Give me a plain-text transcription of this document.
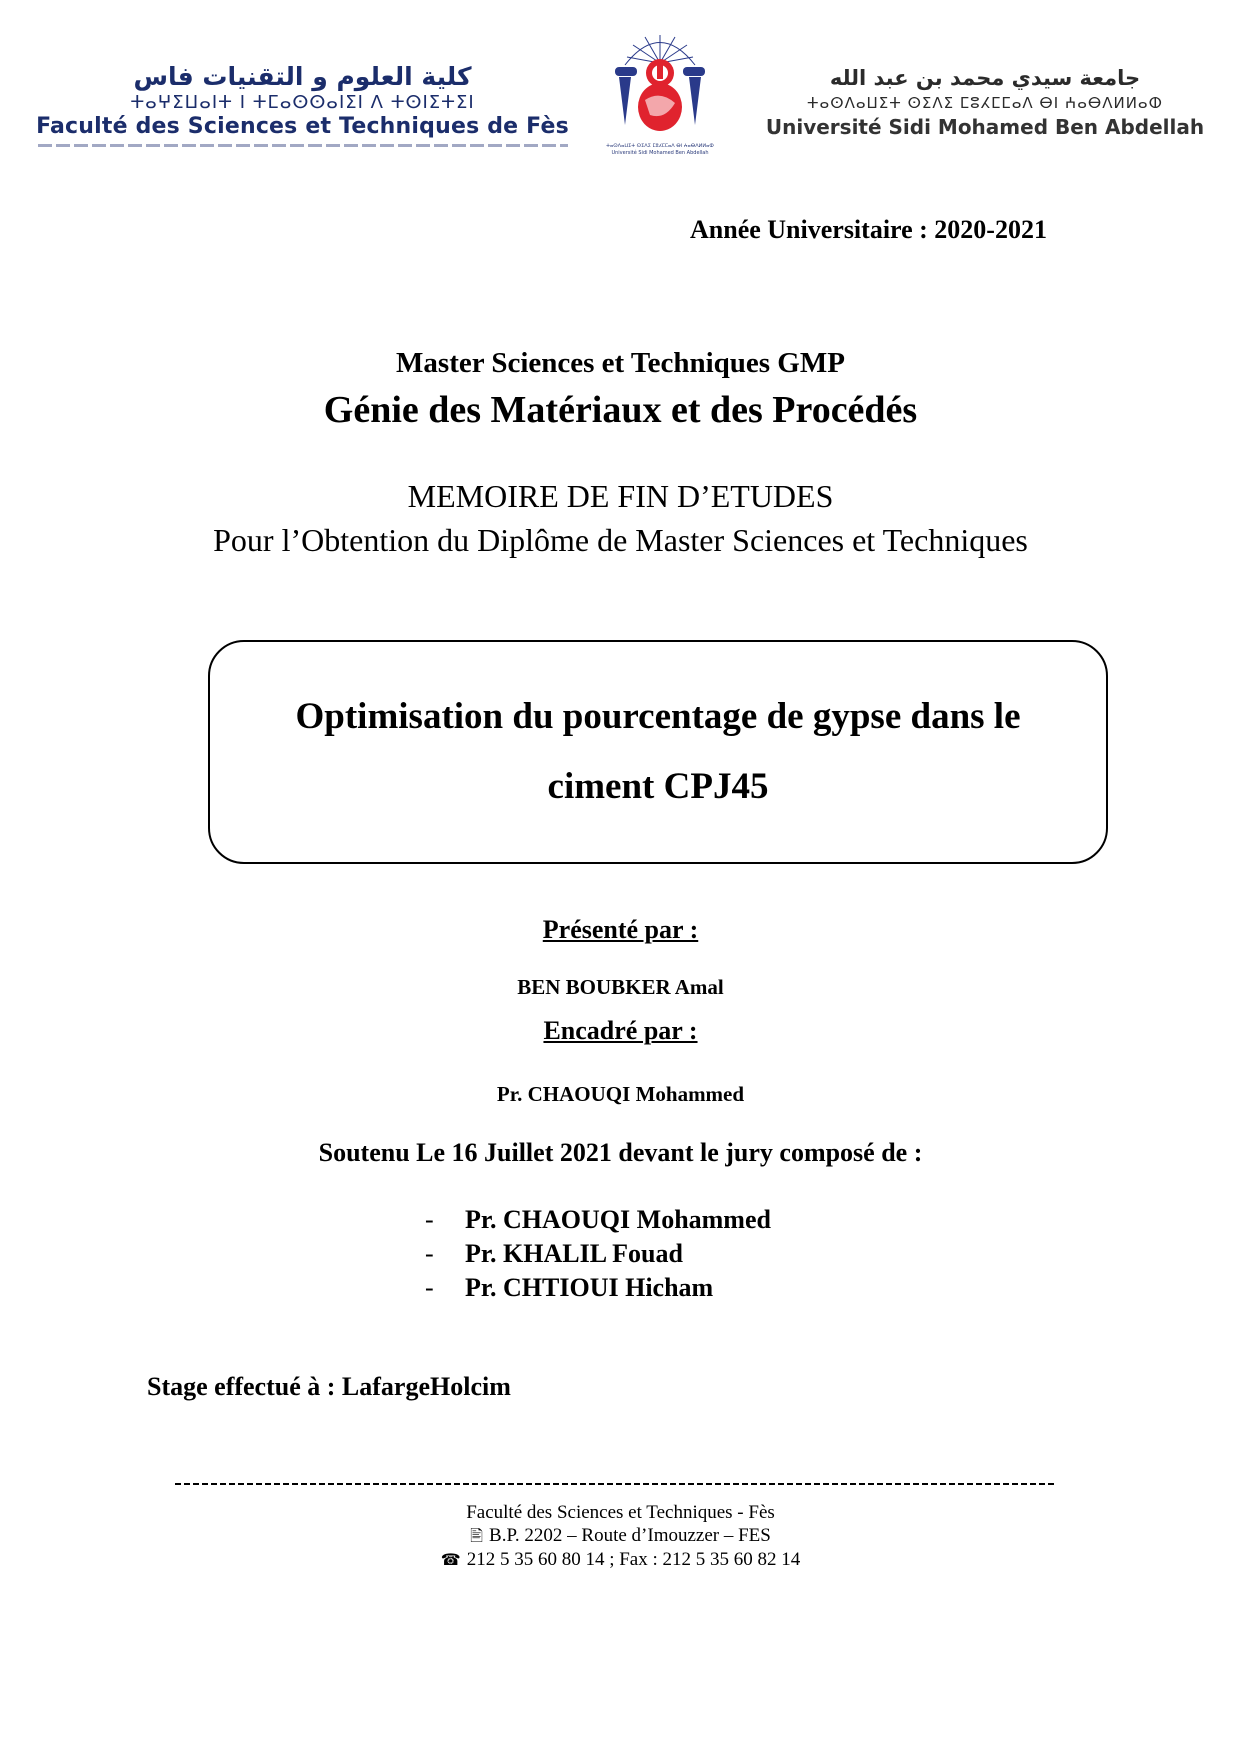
كلية العلوم و التقنيات فاس
ⵜⴰⵖⵉⵡⴰⵏⵜ ⵏ ⵜⵎⴰⵙⵙⴰⵏⵉⵏ ⴷ ⵜⵙⵏⵉⵜⵉⵏ
Faculté des Sciences et Techniques de Fès
ⵜⴰⵙⴷⴰⵡⵉⵜ ⵙⵉⴷⵉ ⵎⵓⵃⵎⵎⴰⴷ ⴱⵏ ⵄⴰⴱⴷⵍⵍⴰⵀ
Université Sidi Mohamed Ben Abdellah
جامعة سيدي محمد بن عبد الله
ⵜⴰⵙⴷⴰⵡⵉⵜ ⵙⵉⴷⵉ ⵎⵓⵃⵎⵎⴰⴷ ⴱⵏ ⵄⴰⴱⴷⵍⵍⴰⵀ
Université Sidi Mohamed Ben Abdellah
Année Universitaire : 2020-2021
Master Sciences et Techniques GMP
Génie des Matériaux et des Procédés
MEMOIRE DE FIN D’ETUDES
Pour l’Obtention du Diplôme de Master Sciences et Techniques
Optimisation du pourcentage de gypse dans le ciment CPJ45
Présenté par :
BEN BOUBKER Amal
Encadré par :
Pr. CHAOUQI Mohammed
Soutenu Le 16 Juillet 2021 devant le jury composé de :
-	Pr. CHAOUQI Mohammed
-	Pr. KHALIL Fouad
-	Pr. CHTIOUI Hicham
Stage effectué à : LafargeHolcim
Faculté des Sciences et Techniques - Fès
🖹 B.P. 2202 – Route d’Imouzzer – FES
☎ 212 5 35 60 80 14 ; Fax : 212 5 35 60 82 14
